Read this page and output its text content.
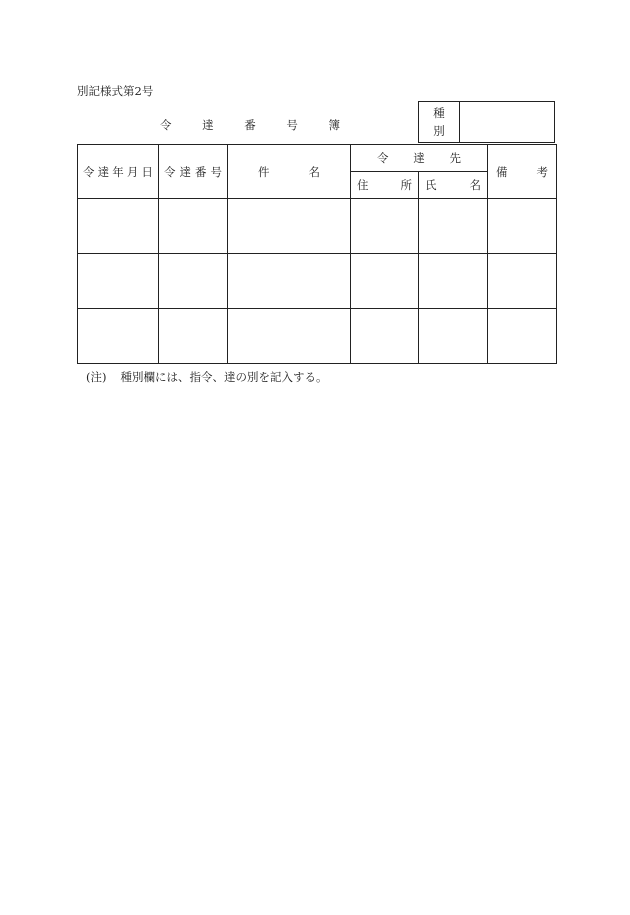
別記様式第2号
令	達	番	号	簿
種
別
令 達 年 月 日	令 達 番 号	件 名	令 達 先		備 考

			住 所	氏 名	

(注) 種別欄には、指令、達の別を記入する。
